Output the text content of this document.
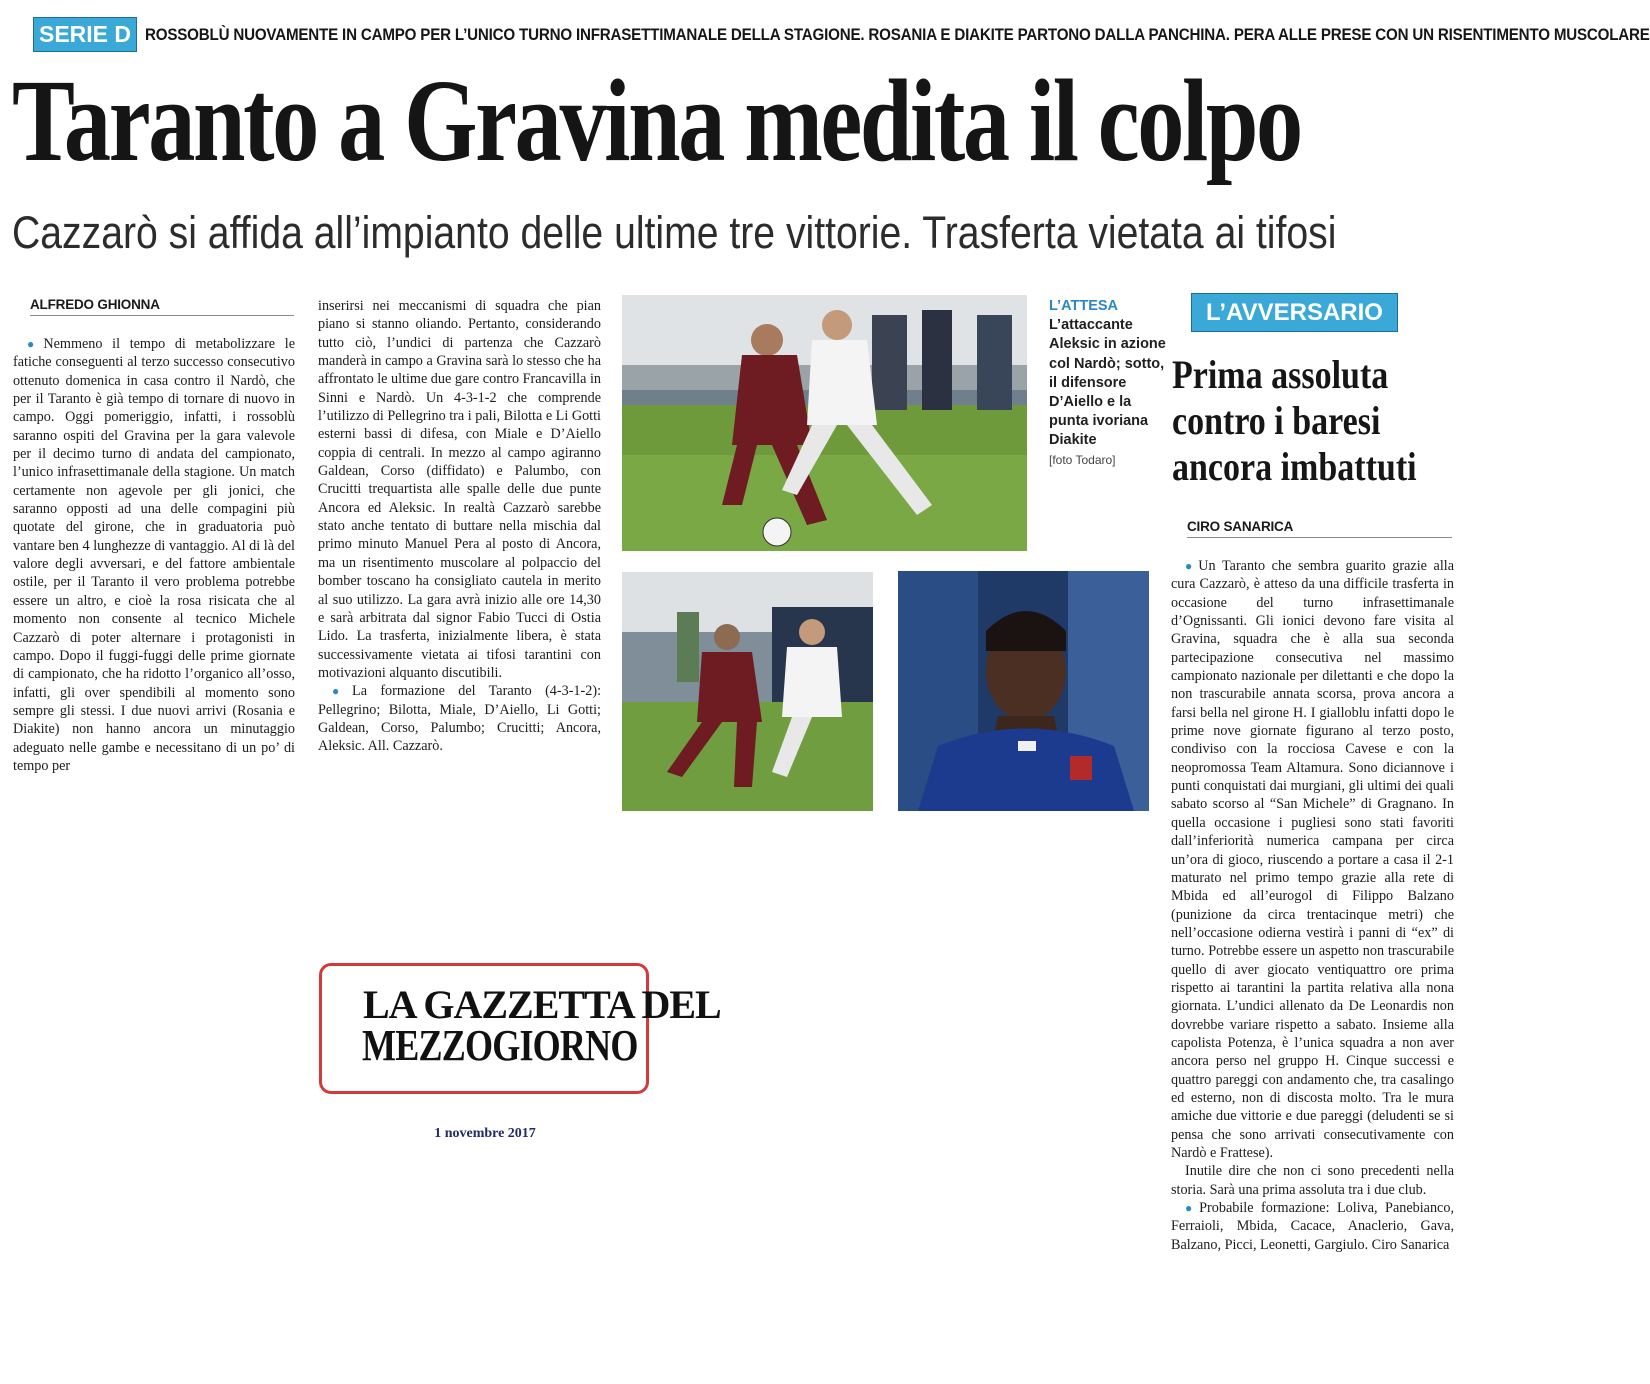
SERIE D ROSSOBLÙ NUOVAMENTE IN CAMPO PER L’UNICO TURNO INFRASETTIMANALE DELLA STAGIONE. ROSANIA E DIAKITE PARTONO DALLA PANCHINA. PERA ALLE PRESE CON UN RISENTIMENTO MUSCOLARE
Taranto a Gravina medita il colpo
Cazzarò si affida all’impianto delle ultime tre vittorie. Trasferta vietata ai tifosi
ALFREDO GHIONNA

● Nemmeno il tempo di metabolizzare le fatiche conseguenti al terzo successo consecutivo ottenuto domenica in casa contro il Nardò, che per il Taranto è già tempo di tornare di nuovo in campo. Oggi pomeriggio, infatti, i rossoblù saranno ospiti del Gravina per la gara valevole per il decimo turno di andata del campionato, l’unico infrasettimanale della stagione. Un match certamente non agevole per gli jonici, che saranno opposti ad una delle compagini più quotate del girone, che in graduatoria può vantare ben 4 lunghezze di vantaggio. Al di là del valore degli avversari, e del fattore ambientale ostile, per il Taranto il vero problema potrebbe essere un altro, e cioè la rosa risicata che al momento non consente al tecnico Michele Cazzarò di poter alternare i protagonisti in campo. Dopo il fuggi-fuggi delle prime giornate di campionato, che ha ridotto l’organico all’osso, infatti, gli over spendibili al momento sono sempre gli stessi. I due nuovi arrivi (Rosania e Diakite) non hanno ancora un minutaggio adeguato nelle gambe e necessitano di un po’ di tempo per

inserirsi nei meccanismi di squadra che pian piano si stanno oliando. Pertanto, considerando tutto ciò, l’undici di partenza che Cazzarò manderà in campo a Gravina sarà lo stesso che ha affrontato le ultime due gare contro Francavilla in Sinni e Nardò. Un 4-3-1-2 che comprende l’utilizzo di Pellegrino tra i pali, Bilotta e Li Gotti esterni bassi di difesa, con Miale e D’Aiello coppia di centrali. In mezzo al campo agiranno Galdean, Corso (diffidato) e Palumbo, con Crucitti trequartista alle spalle delle due punte Ancora ed Aleksic. In realtà Cazzarò sarebbe stato anche tentato di buttare nella mischia dal primo minuto Manuel Pera al posto di Ancora, ma un risentimento muscolare al polpaccio del bomber toscano ha consigliato cautela in merito al suo utilizzo. La gara avrà inizio alle ore 14,30 e sarà arbitrata dal signor Fabio Tucci di Ostia Lido. La trasferta, inizialmente libera, è stata successivamente vietata ai tifosi tarantini con motivazioni alquanto discutibili.

● La formazione del Taranto (4-3-1-2): Pellegrino; Bilotta, Miale, D’Aiello, Li Gotti; Galdean, Corso, Palumbo; Crucitti; Ancora, Aleksic. All. Cazzarò.

L’ATTESA
L’attaccante Aleksic in azione col Nardò; sotto, il difensore D’Aiello e la punta ivoriana Diakite
[foto Todaro]
L’AVVERSARIO
Prima assoluta contro i baresi ancora imbattuti
CIRO SANARICA

● Un Taranto che sembra guarito grazie alla cura Cazzarò, è atteso da una difficile trasferta in occasione del turno infrasettimanale d’Ognissanti. Gli ionici devono fare visita al Gravina, squadra che è alla sua seconda partecipazione consecutiva nel massimo campionato nazionale per dilettanti e che dopo la non trascurabile annata scorsa, prova ancora a farsi bella nel girone H. I gialloblu infatti dopo le prime nove giornate figurano al terzo posto, condiviso con la rocciosa Cavese e con la neopromossa Team Altamura. Sono diciannove i punti conquistati dai murgiani, gli ultimi dei quali sabato scorso al “San Michele” di Gragnano. In quella occasione i pugliesi sono stati favoriti dall’inferiorità numerica campana per circa un’ora di gioco, riuscendo a portare a casa il 2-1 maturato nel primo tempo grazie alla rete di Mbida ed all’eurogol di Filippo Balzano (punizione da circa trentacinque metri) che nell’occasione odierna vestirà i panni di “ex” di turno. Potrebbe essere un aspetto non trascurabile quello di aver giocato ventiquattro ore prima rispetto ai tarantini la partita relativa alla nona giornata. L’undici allenato da De Leonardis non dovrebbe variare rispetto a sabato. Insieme alla capolista Potenza, è l’unica squadra a non aver ancora perso nel gruppo H. Cinque successi e quattro pareggi con andamento che, tra casalingo ed esterno, non di discosta molto. Tra le mura amiche due vittorie e due pareggi (deludenti se si pensa che sono arrivati consecutivamente con Nardò e Frattese).

Inutile dire che non ci sono precedenti nella storia. Sarà una prima assoluta tra i due club.

● Probabile formazione: Loliva, Panebianco, Ferraioli, Mbida, Cacace, Anaclerio, Gava, Balzano, Picci, Leonetti, Gargiulo. Ciro Sanarica

LA GAZZETTA DEL
MEZZOGIORNO
1 novembre 2017
